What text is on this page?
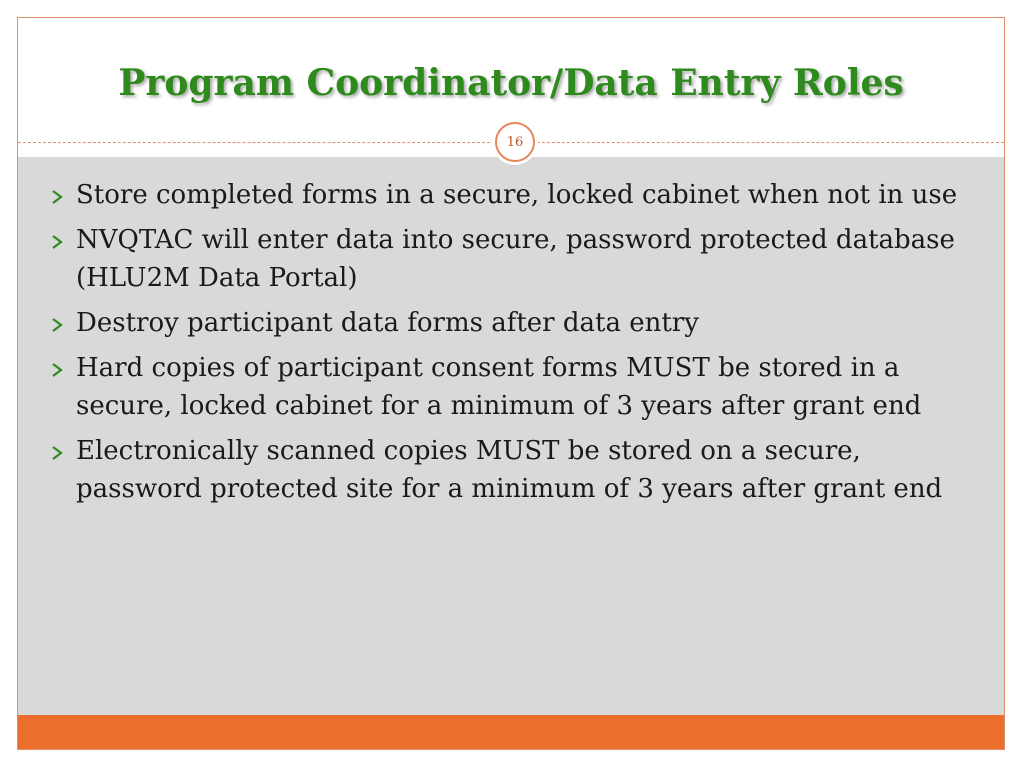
Program Coordinator/Data Entry Roles
16
Store completed forms in a secure, locked cabinet when not in use
NVQTAC will enter data into secure, password protected database (HLU2M Data Portal)
Destroy participant data forms after data entry
Hard copies of participant consent forms MUST be stored in a secure, locked cabinet for a minimum of 3 years after grant end
Electronically scanned copies MUST be stored on a secure, password protected site for a minimum of 3 years after grant end
